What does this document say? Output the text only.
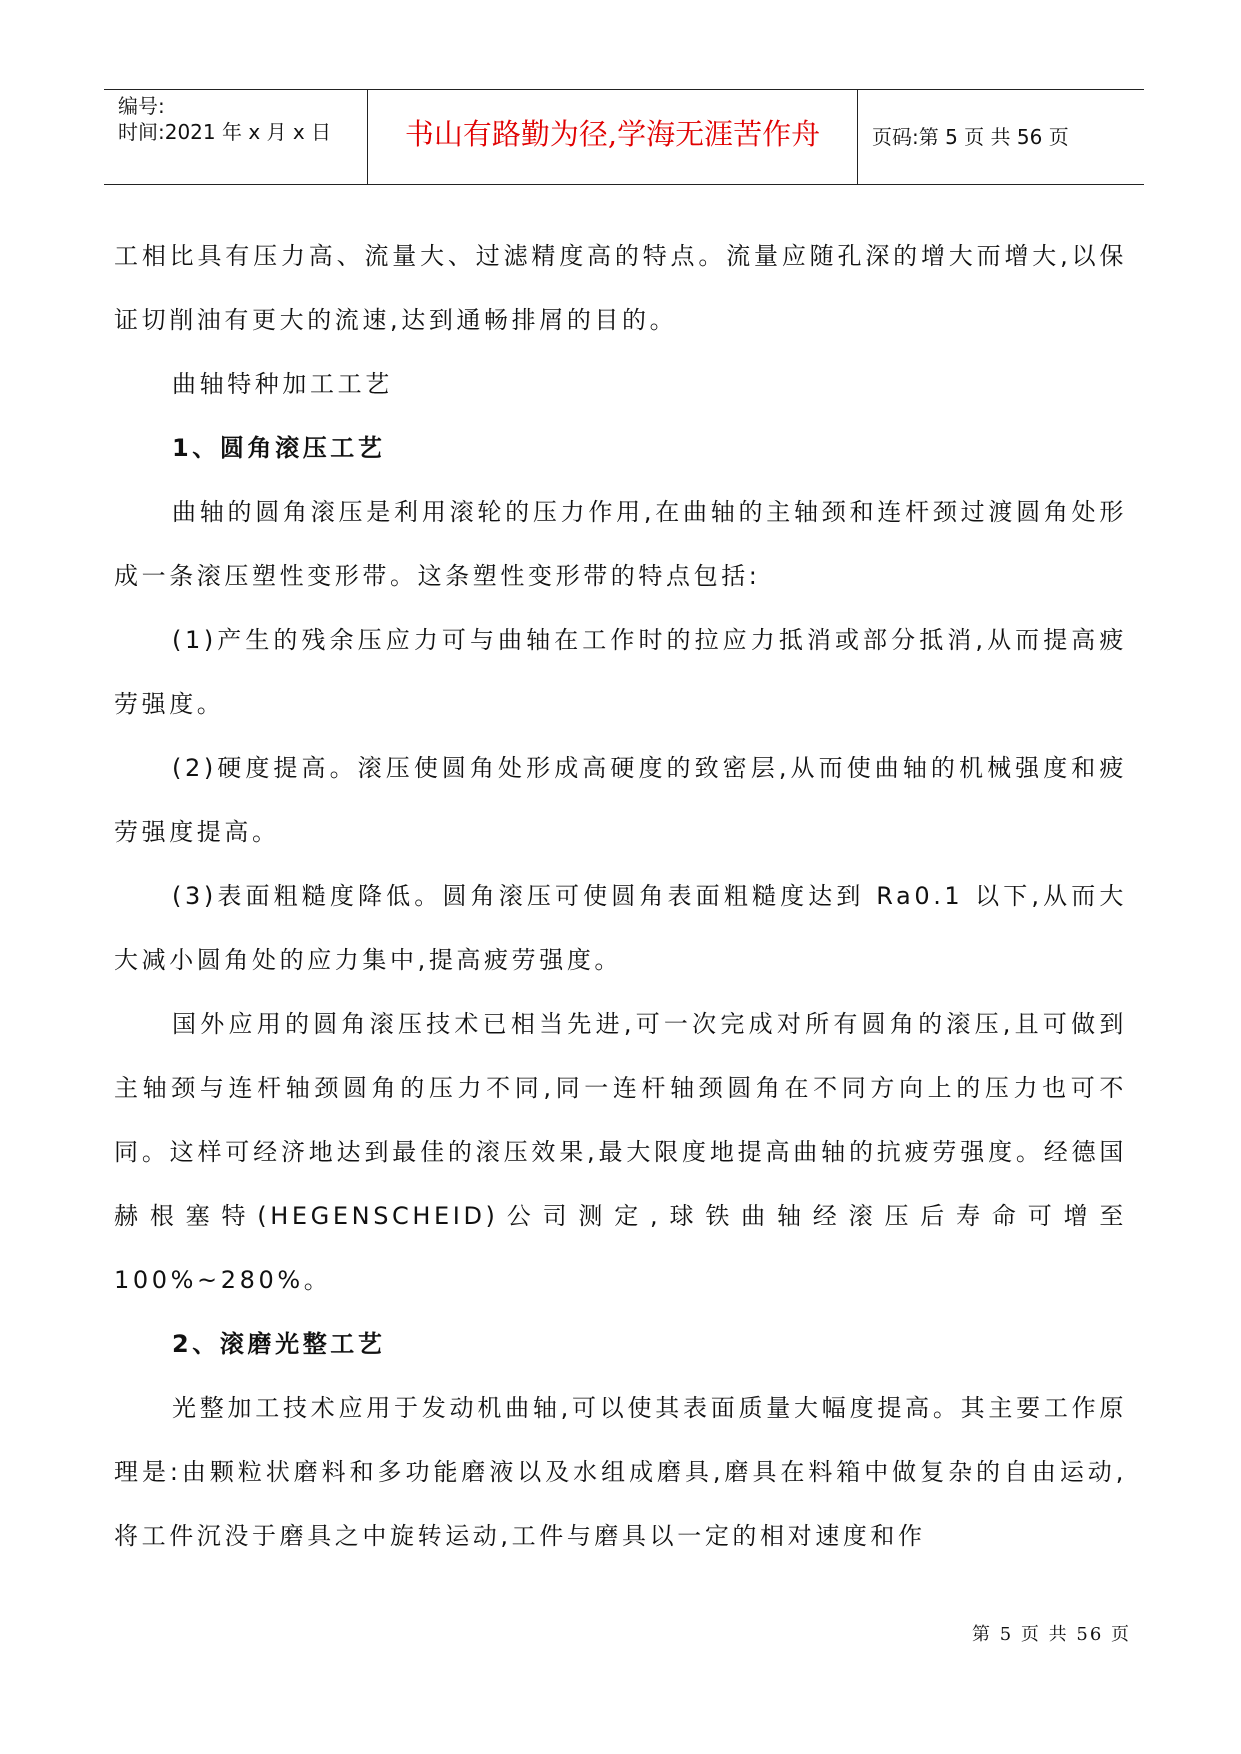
编号:
时间:2021 年 x 月 x 日	书山有路勤为径,学海无涯苦作舟	页码:第 5 页 共 56 页

工相比具有压力高、流量大、过滤精度高的特点。流量应随孔深的增大而增大,以保证切削油有更大的流速,达到通畅排屑的目的。

曲轴特种加工工艺

1、圆角滚压工艺

曲轴的圆角滚压是利用滚轮的压力作用,在曲轴的主轴颈和连杆颈过渡圆角处形成一条滚压塑性变形带。这条塑性变形带的特点包括:

(1)产生的残余压应力可与曲轴在工作时的拉应力抵消或部分抵消,从而提高疲劳强度。

(2)硬度提高。滚压使圆角处形成高硬度的致密层,从而使曲轴的机械强度和疲劳强度提高。

(3)表面粗糙度降低。圆角滚压可使圆角表面粗糙度达到 Ra0.1 以下,从而大大减小圆角处的应力集中,提高疲劳强度。

国外应用的圆角滚压技术已相当先进,可一次完成对所有圆角的滚压,且可做到主轴颈与连杆轴颈圆角的压力不同,同一连杆轴颈圆角在不同方向上的压力也可不同。这样可经济地达到最佳的滚压效果,最大限度地提高曲轴的抗疲劳强度。经德国赫根塞特(HEGENSCHEID)公司测定,球铁曲轴经滚压后寿命可增至100%~280%。

2、滚磨光整工艺

光整加工技术应用于发动机曲轴,可以使其表面质量大幅度提高。其主要工作原理是:由颗粒状磨料和多功能磨液以及水组成磨具,磨具在料箱中做复杂的自由运动,将工件沉没于磨具之中旋转运动,工件与磨具以一定的相对速度和作

第 5 页 共 56 页
